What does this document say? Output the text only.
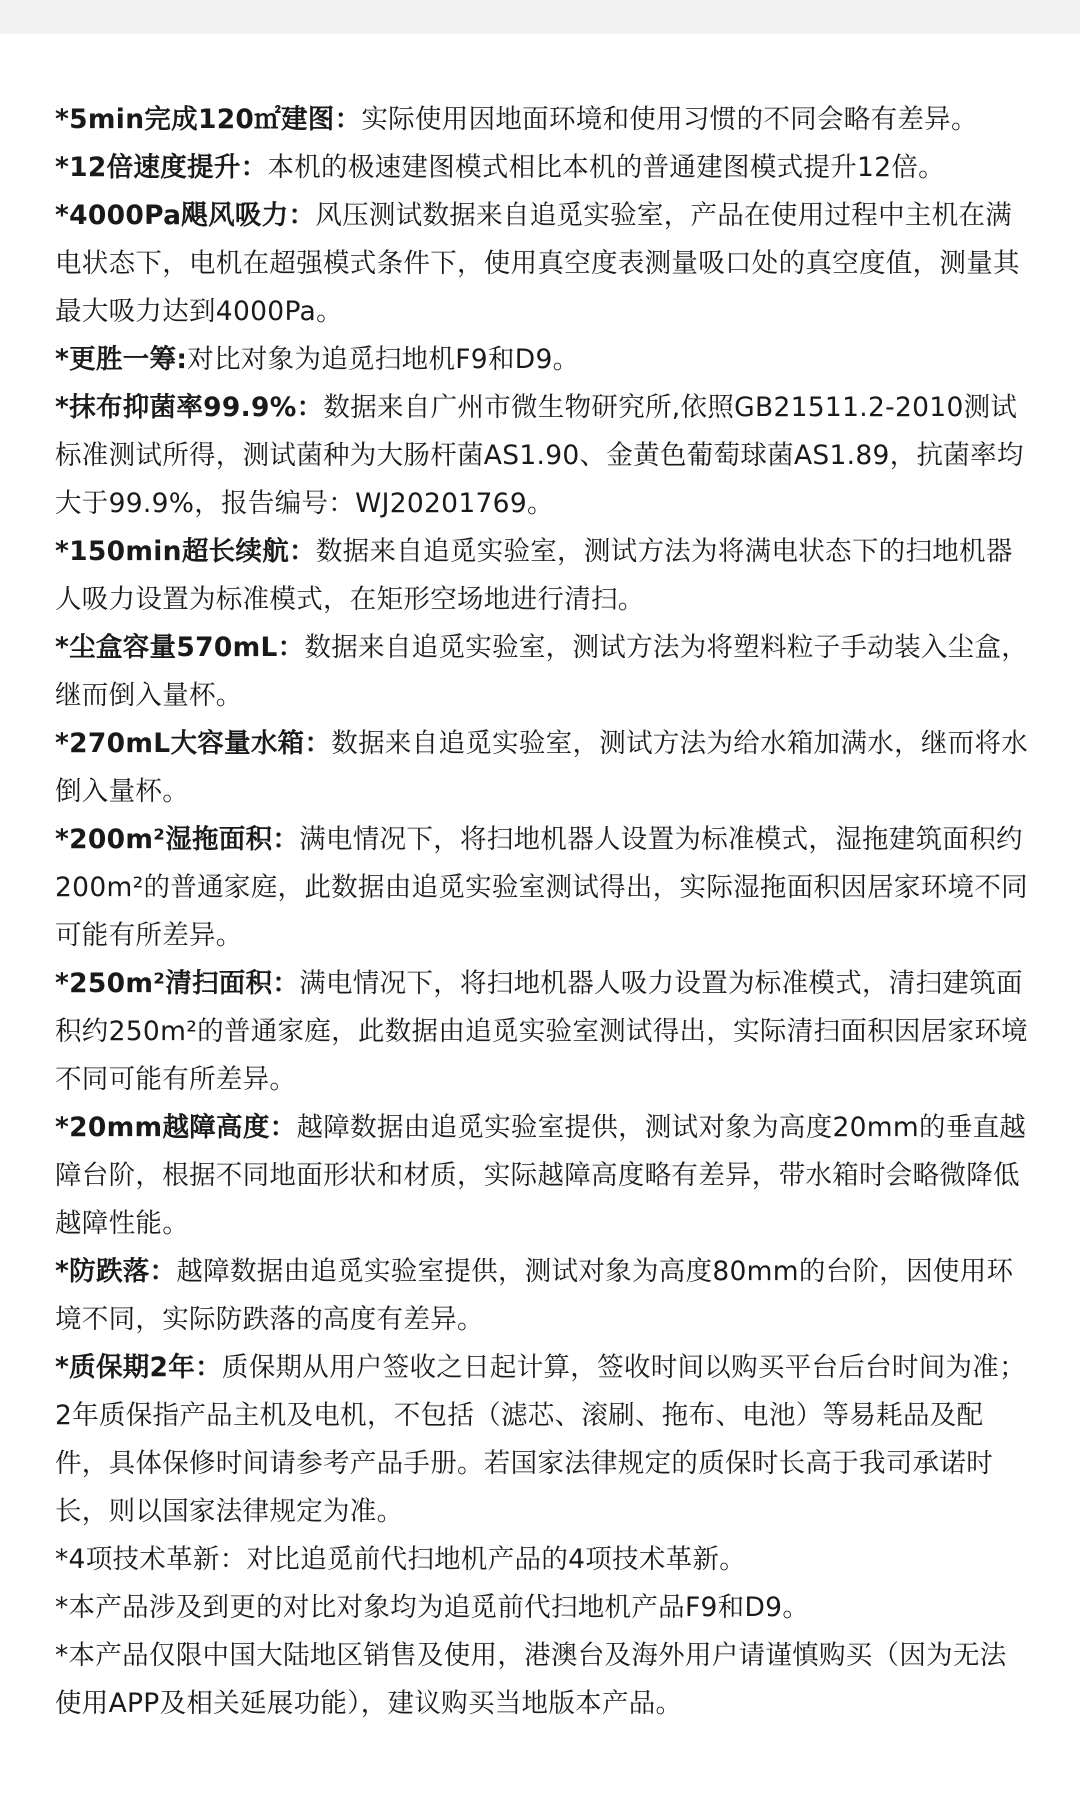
*5min完成120㎡建图：实际使用因地面环境和使用习惯的不同会略有差异。

*12倍速度提升：本机的极速建图模式相比本机的普通建图模式提升12倍。

*4000Pa飓风吸力：风压测试数据来自追觅实验室，产品在使用过程中主机在满电状态下，电机在超强模式条件下，使用真空度表测量吸口处的真空度值，测量其最大吸力达到4000Pa。

*更胜一筹:对比对象为追觅扫地机F9和D9。

*抹布抑菌率99.9%：数据来自广州市微生物研究所,依照GB21511.2-2010测试标准测试所得，测试菌种为大肠杆菌AS1.90、金黄色葡萄球菌AS1.89，抗菌率均大于99.9%，报告编号：WJ20201769。

*150min超长续航：数据来自追觅实验室，测试方法为将满电状态下的扫地机器人吸力设置为标准模式，在矩形空场地进行清扫。

*尘盒容量570mL：数据来自追觅实验室，测试方法为将塑料粒子手动装入尘盒，继而倒入量杯。

*270mL大容量水箱：数据来自追觅实验室，测试方法为给水箱加满水，继而将水倒入量杯。

*200m²湿拖面积：满电情况下，将扫地机器人设置为标准模式，湿拖建筑面积约200m²的普通家庭，此数据由追觅实验室测试得出，实际湿拖面积因居家环境不同可能有所差异。

*250m²清扫面积：满电情况下，将扫地机器人吸力设置为标准模式，清扫建筑面积约250m²的普通家庭，此数据由追觅实验室测试得出，实际清扫面积因居家环境不同可能有所差异。

*20mm越障高度：越障数据由追觅实验室提供，测试对象为高度20mm的垂直越障台阶，根据不同地面形状和材质，实际越障高度略有差异，带水箱时会略微降低越障性能。

*防跌落：越障数据由追觅实验室提供，测试对象为高度80mm的台阶，因使用环境不同，实际防跌落的高度有差异。

*质保期2年：质保期从用户签收之日起计算，签收时间以购买平台后台时间为准；2年质保指产品主机及电机，不包括（滤芯、滚刷、拖布、电池）等易耗品及配件，具体保修时间请参考产品手册。若国家法律规定的质保时长高于我司承诺时长，则以国家法律规定为准。

*4项技术革新：对比追觅前代扫地机产品的4项技术革新。

*本产品涉及到更的对比对象均为追觅前代扫地机产品F9和D9。

*本产品仅限中国大陆地区销售及使用，港澳台及海外用户请谨慎购买（因为无法使用APP及相关延展功能），建议购买当地版本产品。
